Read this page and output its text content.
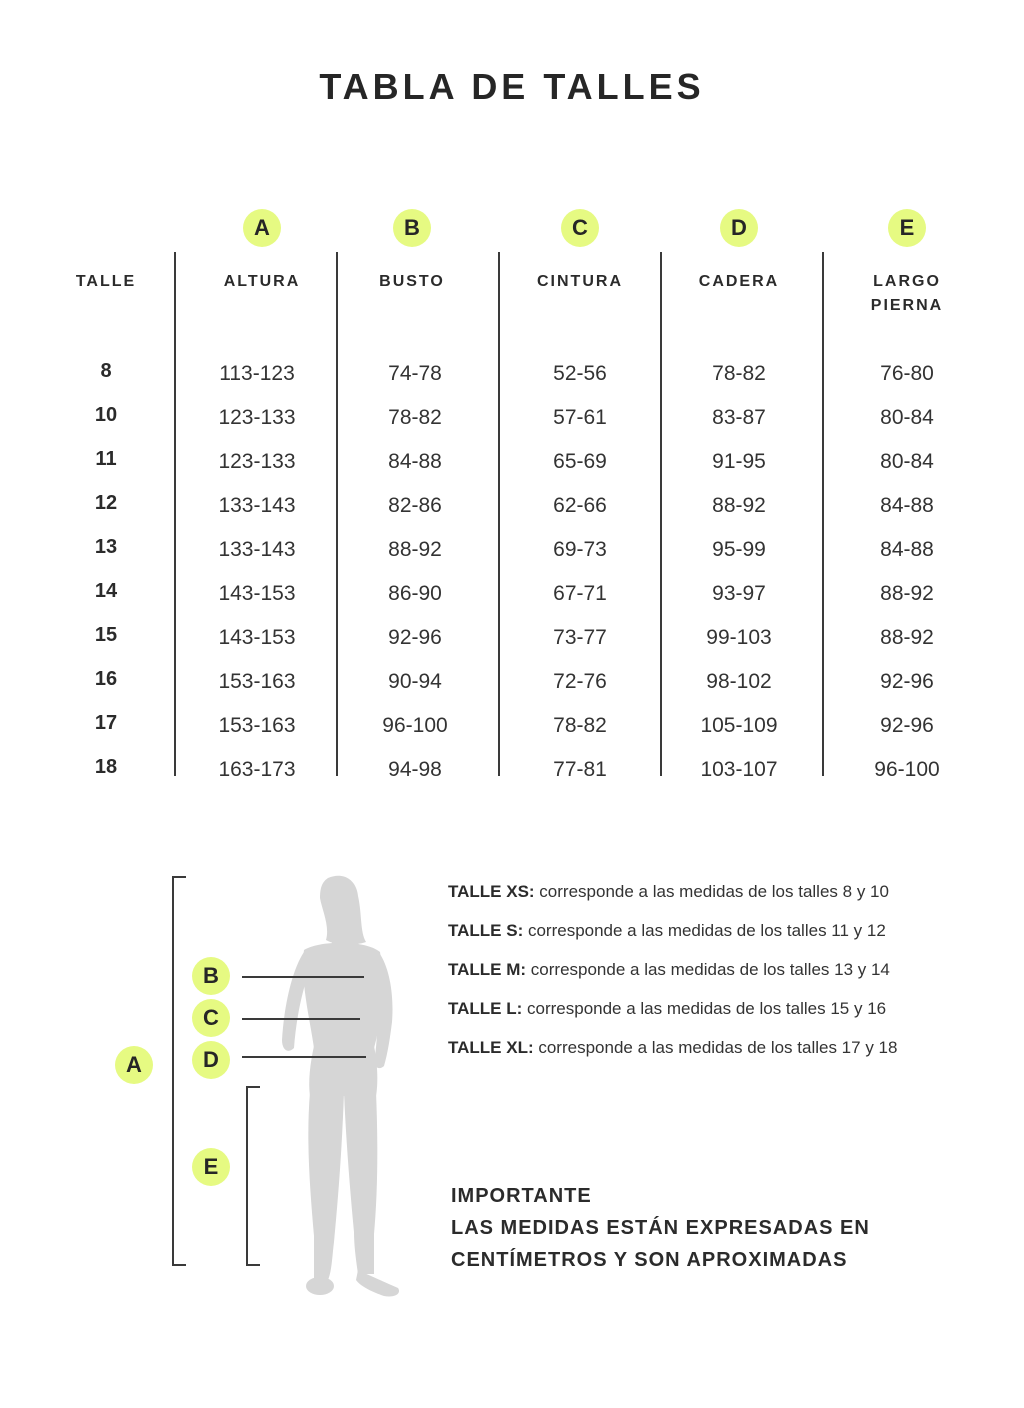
TABLA DE TALLES
TALLE
A	B	C	D	E
ALTURA	BUSTO	CINTURA	CADERA	LARGO
PIERNA
8	113-123	74-78	52-56	78-82	76-80
10	123-133	78-82	57-61	83-87	80-84
11	123-133	84-88	65-69	91-95	80-84
12	133-143	82-86	62-66	88-92	84-88
13	133-143	88-92	69-73	95-99	84-88
14	143-153	86-90	67-71	93-97	88-92
15	143-153	92-96	73-77	99-103	88-92
16	153-163	90-94	72-76	98-102	92-96
17	153-163	96-100	78-82	105-109	92-96
18	163-173	94-98	77-81	103-107	96-100
A
B
C
D
E
TALLE XS: corresponde a las medidas de los talles 8 y 10
TALLE S: corresponde a las medidas de los talles 11 y 12
TALLE M: corresponde a las medidas de los talles 13 y 14
TALLE L: corresponde a las medidas de los talles 15 y 16
TALLE XL: corresponde a las medidas de los talles 17 y 18
IMPORTANTE
LAS MEDIDAS ESTÁN EXPRESADAS EN
CENTÍMETROS Y SON APROXIMADAS
